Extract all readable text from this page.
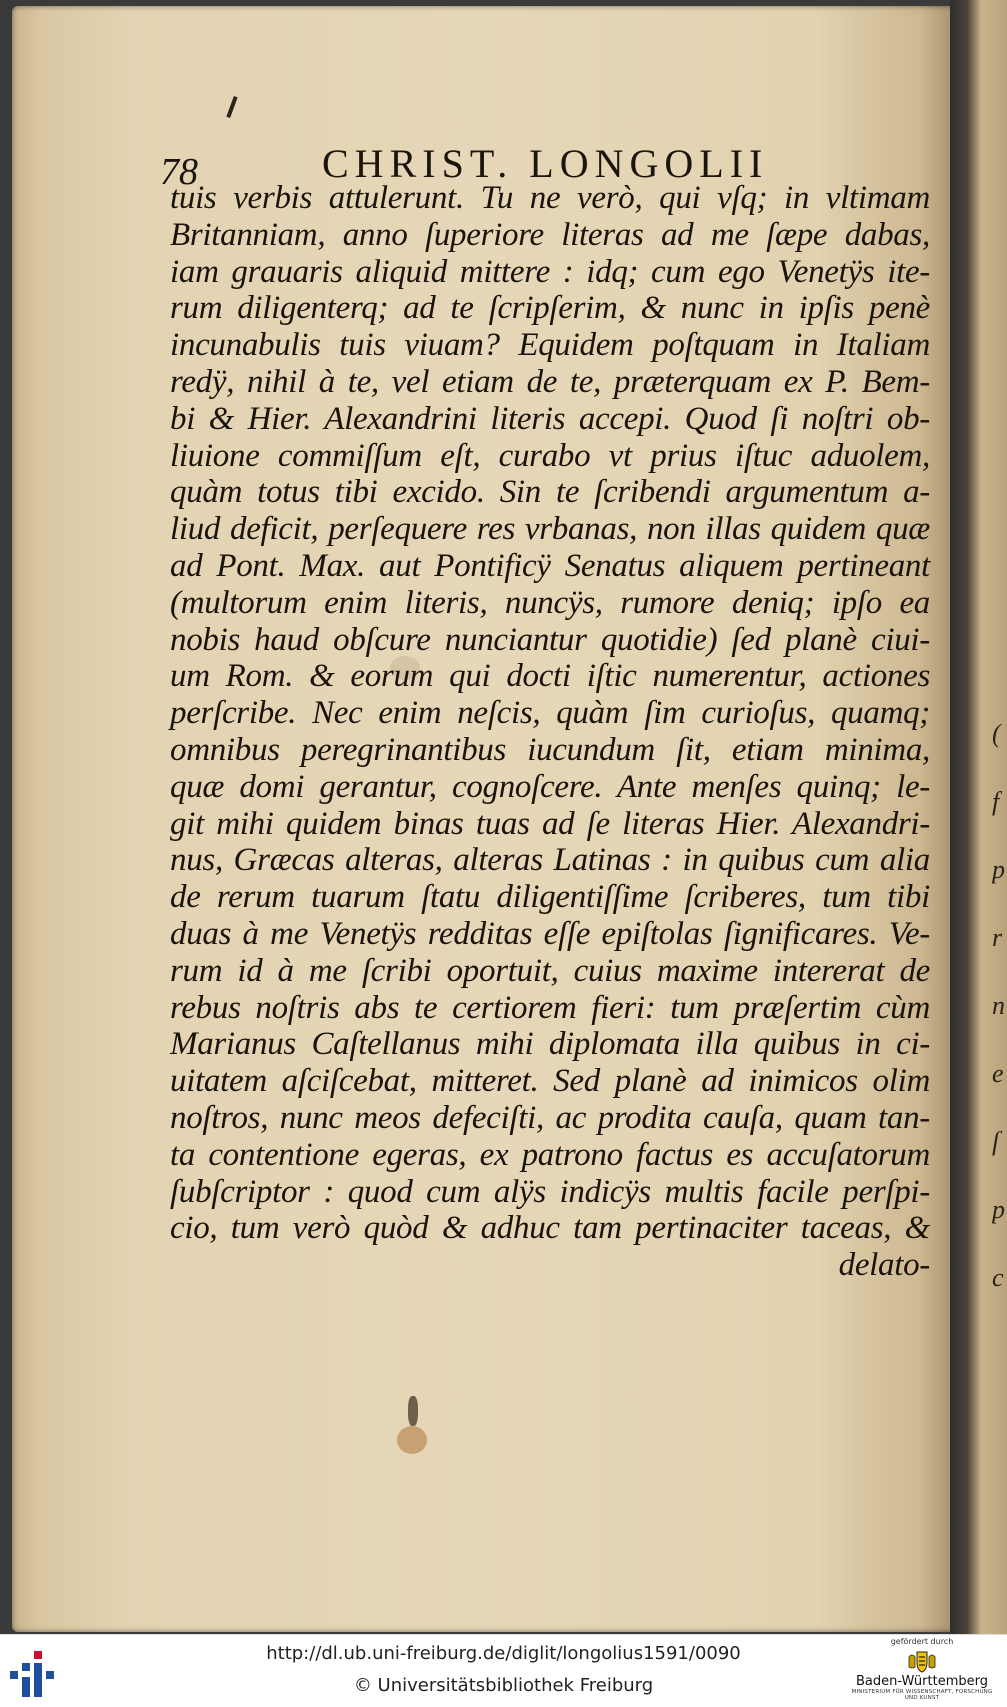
(
f
p
r
n
e
ſ
p
c
78	CHRIST. LONGOLII
tuis verbis attulerunt. Tu ne verò, qui vſq; in vltimam
Britanniam, anno ſuperiore literas ad me ſæpe dabas,
iam grauaris aliquid mittere : idq; cum ego Venetÿs ite-
rum diligenterq; ad te ſcripſerim, & nunc in ipſis penè
incunabulis tuis viuam? Equidem poſtquam in Italiam
redÿ, nihil à te, vel etiam de te, præterquam ex P. Bem-
bi & Hier. Alexandrini literis accepi. Quod ſi noſtri ob-
liuione commiſſum eſt, curabo vt prius iſtuc aduolem,
quàm totus tibi excido. Sin te ſcribendi argumentum a-
liud deficit, perſequere res vrbanas, non illas quidem quæ
ad Pont. Max. aut Pontificÿ Senatus aliquem pertineant
(multorum enim literis, nuncÿs, rumore deniq; ipſo ea
nobis haud obſcure nunciantur quotidie) ſed planè ciui-
um Rom. & eorum qui docti iſtic numerentur, actiones
perſcribe. Nec enim neſcis, quàm ſim curioſus, quamq;
omnibus peregrinantibus iucundum ſit, etiam minima,
quæ domi gerantur, cognoſcere. Ante menſes quinq; le-
git mihi quidem binas tuas ad ſe literas Hier. Alexandri-
nus, Græcas alteras, alteras Latinas : in quibus cum alia
de rerum tuarum ſtatu diligentiſſime ſcriberes, tum tibi
duas à me Venetÿs redditas eſſe epiſtolas ſignificares. Ve-
rum id à me ſcribi oportuit, cuius maxime intererat de
rebus noſtris abs te certiorem fieri: tum præſertim cùm
Marianus Caſtellanus mihi diplomata illa quibus in ci-
uitatem aſciſcebat, mitteret. Sed planè ad inimicos olim
noſtros, nunc meos defeciſti, ac prodita cauſa, quam tan-
ta contentione egeras, ex patrono factus es accuſatorum
ſubſcriptor : quod cum alÿs indicÿs multis facile perſpi-
cio, tum verò quòd & adhuc tam pertinaciter taceas, &
delato-
http://dl.ub.uni-freiburg.de/diglit/longolius1591/0090
© Universitätsbibliothek Freiburg
gefördert durch
Baden-Württemberg
MINISTERIUM FÜR WISSENSCHAFT, FORSCHUNG UND KUNST
